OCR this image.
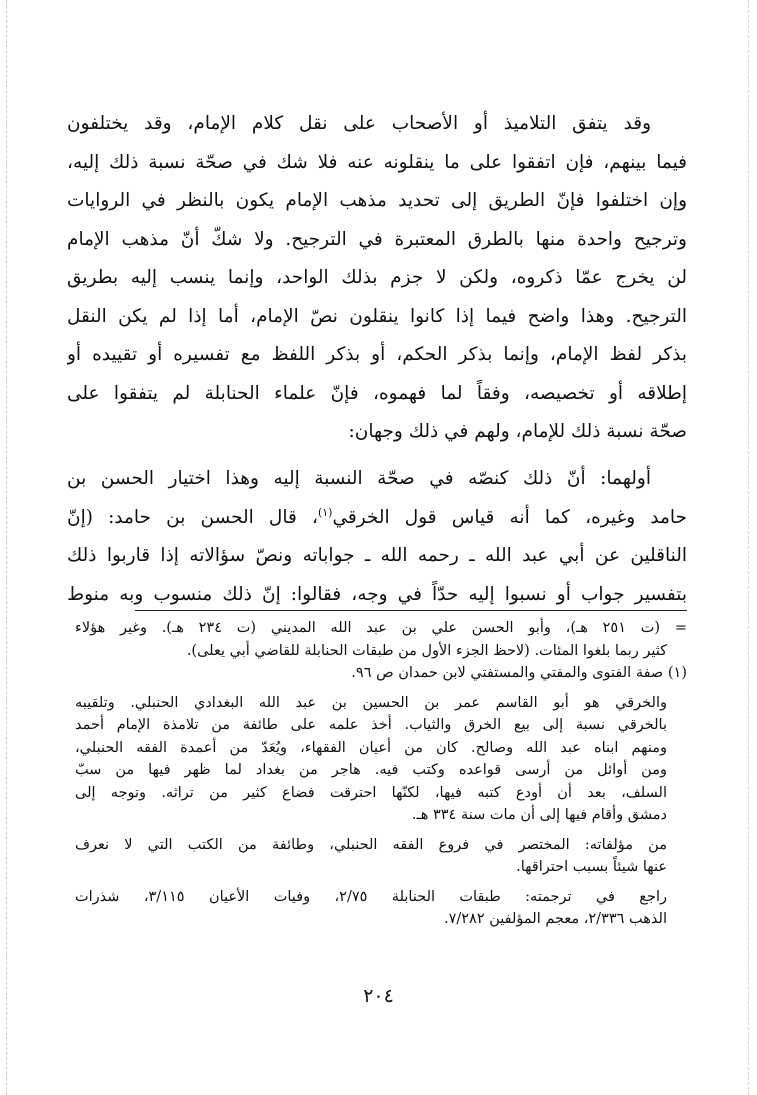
وقد يتفق التلاميذ أو الأصحاب على نقل كلام الإمام، وقد يختلفون
فيما بينهم، فإن اتفقوا على ما ينقلونه عنه فلا شك في صحّة نسبة ذلك إليه،
وإن اختلفوا فإنّ الطريق إلى تحديد مذهب الإمام يكون بالنظر في الروايات
وترجيح واحدة منها بالطرق المعتبرة في الترجيح. ولا شكّ أنّ مذهب الإمام
لن يخرج عمّا ذكروه، ولكن لا جزم بذلك الواحد، وإنما ينسب إليه بطريق
الترجيح. وهذا واضح فيما إذا كانوا ينقلون نصّ الإمام، أما إذا لم يكن النقل
بذكر لفظ الإمام، وإنما بذكر الحكم، أو بذكر اللفظ مع تفسيره أو تقييده أو
إطلاقه أو تخصيصه، وفقاً لما فهموه، فإنّ علماء الحنابلة لم يتفقوا على
صحّة نسبة ذلك للإمام، ولهم في ذلك وجهان:
أولهما: أنّ ذلك كنصّه في صحّة النسبة إليه وهذا اختيار الحسن بن
حامد وغيره، كما أنه قياس قول الخرقي$^{(١)}$، قال الحسن بن حامد: (إنّ
الناقلين عن أبي عبد الله ـ رحمه الله ـ جواباته ونصّ سؤالاته إذا قاربوا ذلك
بتفسير جواب أو نسبوا إليه حدّاً في وجه، فقالوا: إنّ ذلك منسوب وبه منوط
= (ت ٢٥١ هـ)، وأبو الحسن علي بن عبد الله المديني (ت ٢٣٤ هـ). وغير هؤلاء
كثير ربما بلغوا المئات. (لاحظ الجزء الأول من طبقات الحنابلة للقاضي أبي يعلى).
(١) صفة الفتوى والمفتي والمستفتي لابن حمدان ص ٩٦.
والخرقي هو أبو القاسم عمر بن الحسين بن عبد الله البغدادي الحنبلي. وتلقيبه
بالخرقي نسبة إلى بيع الخرق والثياب. أخذ علمه على طائفة من تلامذة الإمام أحمد
ومنهم ابناه عبد الله وصالح. كان من أعيان الفقهاء، ويُعَدّ من أعمدة الفقه الحنبلي،
ومن أوائل من أرسى قواعده وكتب فيه. هاجر من بغداد لما ظهر فيها من سبّ
السلف، بعد أن أودع كتبه فيها، لكنّها احترقت فضاع كثير من تراثه. وتوجه إلى
دمشق وأقام فيها إلى أن مات سنة ٣٣٤ هـ.
من مؤلفاته: المختصر في فروع الفقه الحنبلي، وطائفة من الكتب التي لا نعرف
عنها شيئاً بسبب احتراقها.
راجع في ترجمته: طبقات الحنابلة ٢/٧٥، وفيات الأعيان ٣/١١٥، شذرات
الذهب ٢/٣٣٦، معجم المؤلفين ٧/٢٨٢.
٢٠٤
